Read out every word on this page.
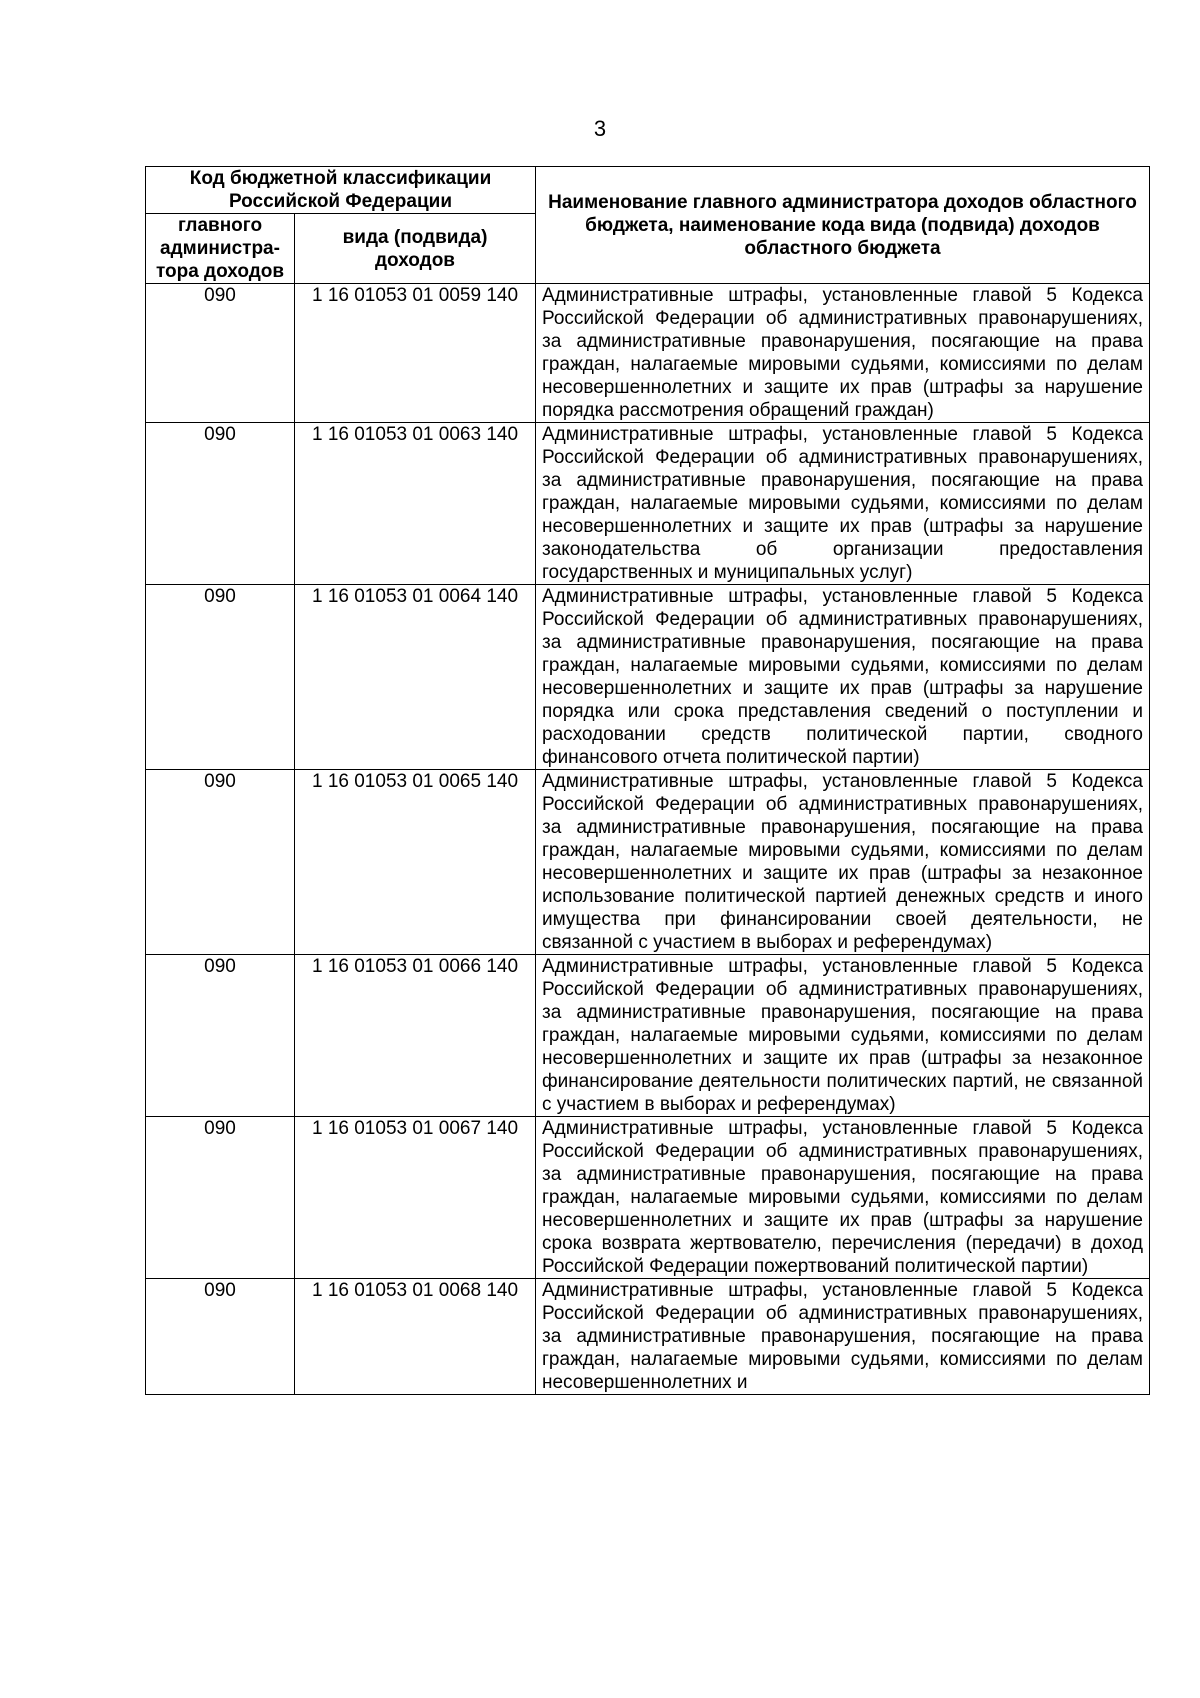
3
Код бюджетной классификации Российской Федерации		Наименование главного администратора доходов областного бюджета, наименование кода вида (подвида) доходов областного бюджета
главного администра-тора доходов	вида (подвида) доходов	
090	1 16 01053 01 0059 140	Административные штрафы, установленные главой 5 Кодекса Российской Федерации об административных правонарушениях, за административные правонарушения, посягающие на права граждан, налагаемые мировыми судьями, комиссиями по делам несовершеннолетних и защите их прав (штрафы за нарушение порядка рассмотрения обращений граждан)
090	1 16 01053 01 0063 140	Административные штрафы, установленные главой 5 Кодекса Российской Федерации об административных правонарушениях, за административные правонарушения, посягающие на права граждан, налагаемые мировыми судьями, комиссиями по делам несовершеннолетних и защите их прав (штрафы за нарушение законодательства об организации предоставления государственных и муниципальных услуг)
090	1 16 01053 01 0064 140	Административные штрафы, установленные главой 5 Кодекса Российской Федерации об административных правонарушениях, за административные правонарушения, посягающие на права граждан, налагаемые мировыми судьями, комиссиями по делам несовершеннолетних и защите их прав (штрафы за нарушение порядка или срока представления сведений о поступлении и расходовании средств политической партии, сводного финансового отчета политической партии)
090	1 16 01053 01 0065 140	Административные штрафы, установленные главой 5 Кодекса Российской Федерации об административных правонарушениях, за административные правонарушения, посягающие на права граждан, налагаемые мировыми судьями, комиссиями по делам несовершеннолетних и защите их прав (штрафы за незаконное использование политической партией денежных средств и иного имущества при финансировании своей деятельности, не связанной с участием в выборах и референдумах)
090	1 16 01053 01 0066 140	Административные штрафы, установленные главой 5 Кодекса Российской Федерации об административных правонарушениях, за административные правонарушения, посягающие на права граждан, налагаемые мировыми судьями, комиссиями по делам несовершеннолетних и защите их прав (штрафы за незаконное финансирование деятельности политических партий, не связанной с участием в выборах и референдумах)
090	1 16 01053 01 0067 140	Административные штрафы, установленные главой 5 Кодекса Российской Федерации об административных правонарушениях, за административные правонарушения, посягающие на права граждан, налагаемые мировыми судьями, комиссиями по делам несовершеннолетних и защите их прав (штрафы за нарушение срока возврата жертвователю, перечисления (передачи) в доход Российской Федерации пожертвований политической партии)
090	1 16 01053 01 0068 140	Административные штрафы, установленные главой 5 Кодекса Российской Федерации об административных правонарушениях, за административные правонарушения, посягающие на права граждан, налагаемые мировыми судьями, комиссиями по делам несовершеннолетних и
